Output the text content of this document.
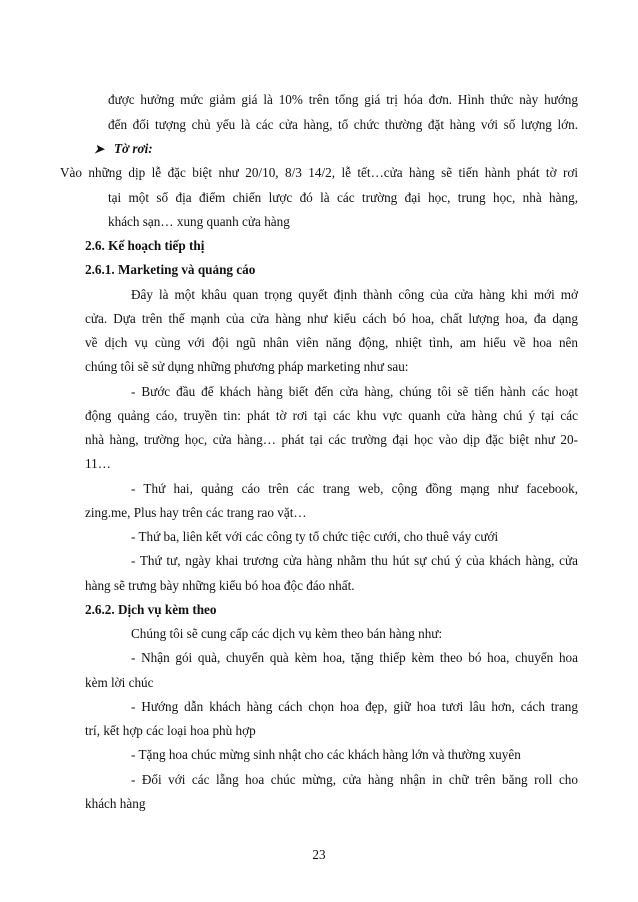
được hưởng mức giảm giá là 10% trên tổng giá trị hóa đơn. Hình thức này hướng
đến đối tượng chủ yếu là các cửa hàng, tổ chức thường đặt hàng với số lượng lớn.
➤ Tờ rơi:
Vào những dịp lễ đặc biệt như 20/10, 8/3 14/2, lễ tết…cửa hàng sẽ tiến hành phát tờ rơi
tại một số địa điểm chiến lược đó là các trường đại học, trung học, nhà hàng,
khách sạn… xung quanh cửa hàng
2.6. Kế hoạch tiếp thị
2.6.1. Marketing và quảng cáo
Đây là một khâu quan trọng quyết định thành công của cửa hàng khi mới mở
cửa. Dựa trên thế mạnh của cửa hàng như kiểu cách bó hoa, chất lượng hoa, đa dạng
về dịch vụ cùng với đội ngũ nhân viên năng động, nhiệt tình, am hiểu về hoa nên
chúng tôi sẽ sử dụng những phương pháp marketing như sau:
- Bước đầu để khách hàng biết đến cửa hàng, chúng tôi sẽ tiến hành các hoạt
động quảng cáo, truyền tin: phát tờ rơi tại các khu vực quanh cửa hàng chú ý tại các
nhà hàng, trường học, cửa hàng… phát tại các trường đại học vào dịp đặc biệt như 20-
11…
- Thứ hai, quảng cáo trên các trang web, cộng đồng mạng như facebook,
zing.me, Plus hay trên các trang rao vặt…
- Thứ ba, liên kết với các công ty tổ chức tiệc cưới, cho thuê váy cưới
- Thứ tư, ngày khai trương cửa hàng nhằm thu hút sự chú ý của khách hàng, cửa
hàng sẽ trưng bày những kiểu bó hoa độc đáo nhất.
2.6.2. Dịch vụ kèm theo
Chúng tôi sẽ cung cấp các dịch vụ kèm theo bán hàng như:
- Nhận gói quà, chuyển quà kèm hoa, tặng thiếp kèm theo bó hoa, chuyển hoa
kèm lời chúc
- Hướng dẫn khách hàng cách chọn hoa đẹp, giữ hoa tươi lâu hơn, cách trang
trí, kết hợp các loại hoa phù hợp
- Tặng hoa chúc mừng sinh nhật cho các khách hàng lớn và thường xuyên
- Đối với các lẵng hoa chúc mừng, cửa hàng nhận in chữ trên băng roll cho
khách hàng
23
